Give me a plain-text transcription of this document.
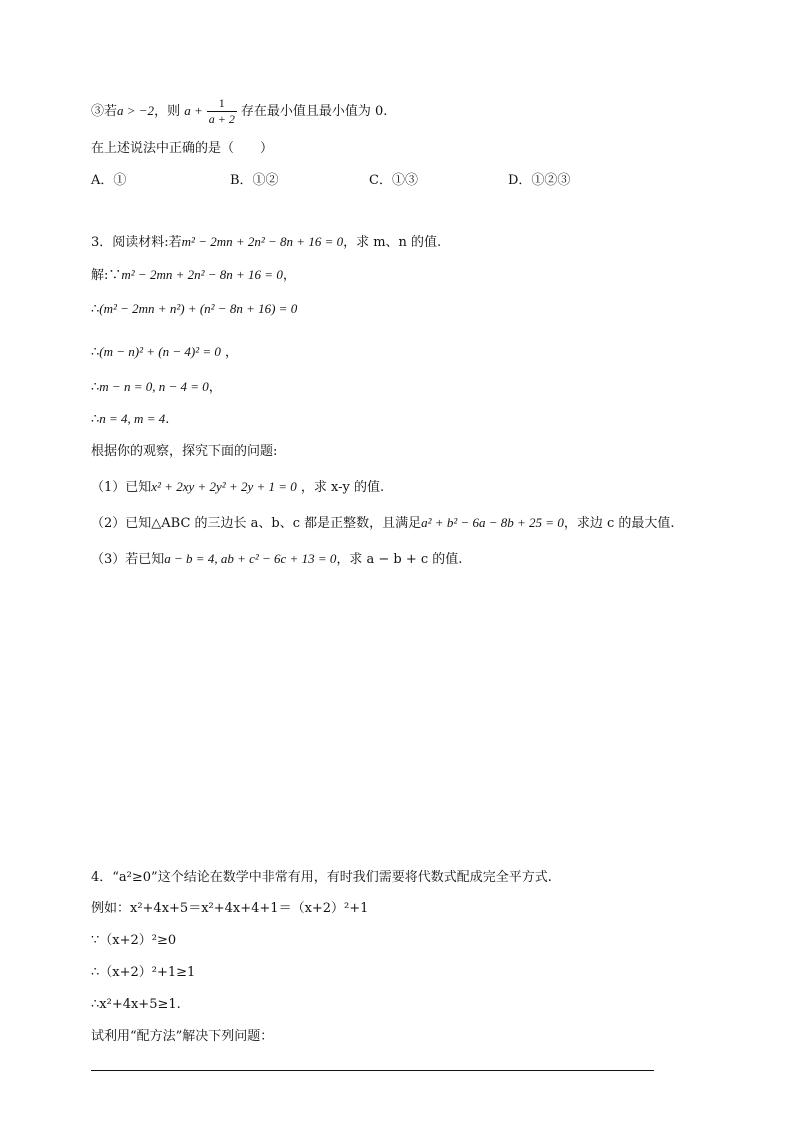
③若a > −2，则 $a + \frac{1}{a + 2}$ 存在最小值且最小值为 0.
在上述说法中正确的是（　　）
A．①	B．①②	C．①③	D．①②③
3．阅读材料:若m² − 2mn + 2n² − 8n + 16 = 0，求 m、n 的值.
解:∵m² − 2mn + 2n² − 8n + 16 = 0，
∴(m² − 2mn + n²) + (n² − 8n + 16) = 0
∴(m − n)² + (n − 4)² = 0 ，
∴m − n = 0, n − 4 = 0，
∴n = 4, m = 4.
根据你的观察，探究下面的问题:
（1）已知x² + 2xy + 2y² + 2y + 1 = 0 ，求 x-y 的值.
（2）已知△ABC 的三边长 a、b、c 都是正整数，且满足a² + b² − 6a − 8b + 25 = 0，求边 c 的最大值.
（3）若已知a − b = 4, ab + c² − 6c + 13 = 0，求 a − b + c 的值.
4．“a²≥0”这个结论在数学中非常有用，有时我们需要将代数式配成完全平方式.
例如：x²+4x+5＝x²+4x+4+1＝（x+2）²+1
∵（x+2）²≥0
∴（x+2）²+1≥1
∴x²+4x+5≥1.
试利用“配方法”解决下列问题：
